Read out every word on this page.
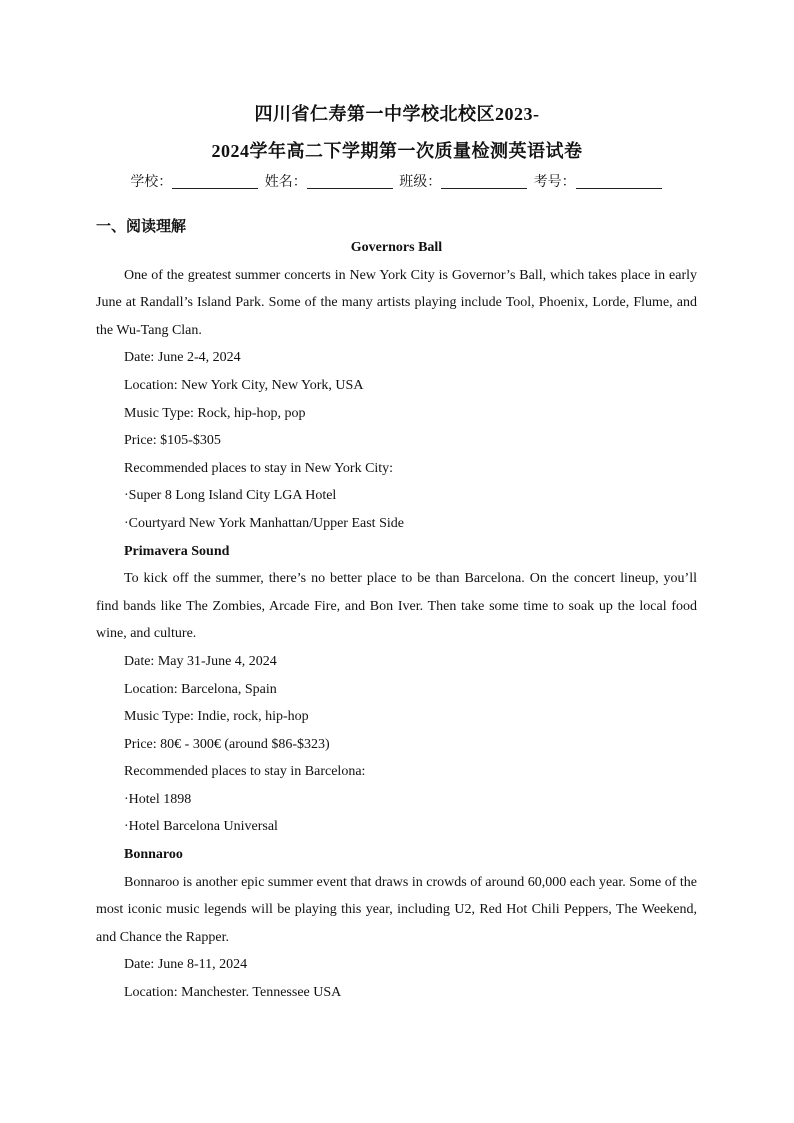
四川省仁寿第一中学校北校区2023-
2024学年高二下学期第一次质量检测英语试卷
学校：	姓名：	班级：	考号：
一、阅读理解

Governors Ball

One of the greatest summer concerts in New York City is Governor’s Ball, which takes place in early June at Randall’s Island Park. Some of the many artists playing include Tool, Phoenix, Lorde, Flume, and the Wu-Tang Clan.

Date: June 2-4, 2024

Location: New York City, New York, USA

Music Type: Rock, hip-hop, pop

Price: $105-$305

Recommended places to stay in New York City:

·Super 8 Long Island City LGA Hotel

·Courtyard New York Manhattan/Upper East Side

Primavera Sound

To kick off the summer, there’s no better place to be than Barcelona. On the concert lineup, you’ll find bands like The Zombies, Arcade Fire, and Bon Iver. Then take some time to soak up the local food wine, and culture.

Date: May 31-June 4, 2024

Location: Barcelona, Spain

Music Type: Indie, rock, hip-hop

Price: 80€ - 300€ (around $86-$323)

Recommended places to stay in Barcelona:

·Hotel 1898

·Hotel Barcelona Universal

Bonnaroo

Bonnaroo is another epic summer event that draws in crowds of around 60,000 each year. Some of the most iconic music legends will be playing this year, including U2, Red Hot Chili Peppers, The Weekend, and Chance the Rapper.

Date: June 8-11, 2024

Location: Manchester. Tennessee USA
